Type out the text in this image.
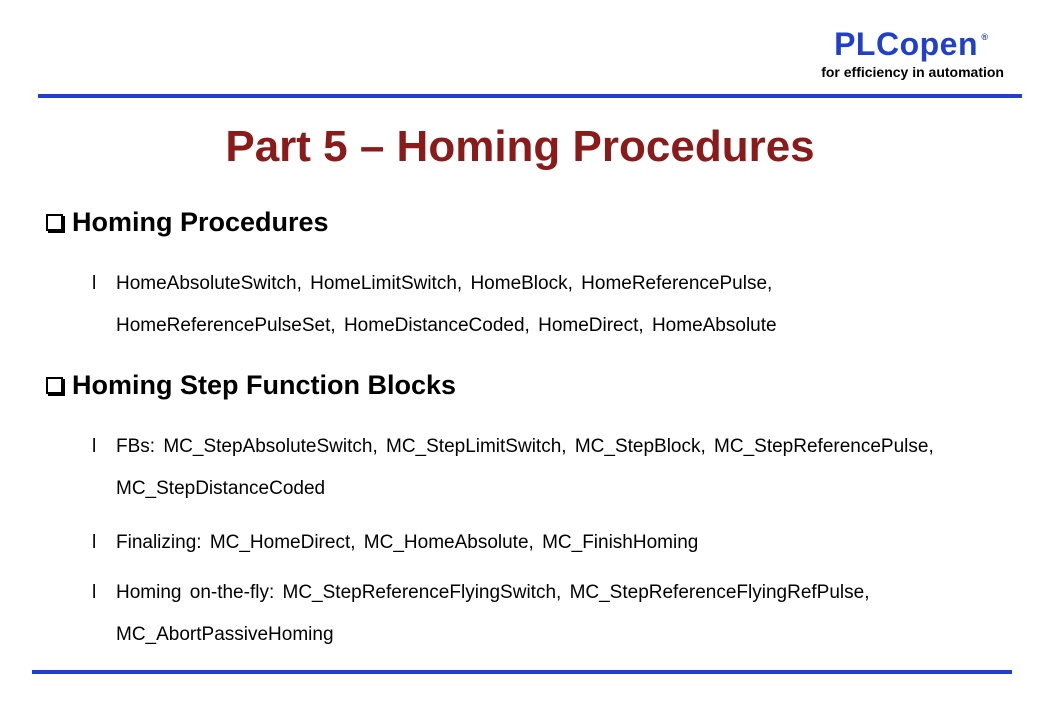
PLCopen ®
for efficiency in automation
Part 5 – Homing Procedures
Homing Procedures
l HomeAbsoluteSwitch, HomeLimitSwitch, HomeBlock, HomeReferencePulse, HomeReferencePulseSet, HomeDistanceCoded, HomeDirect, HomeAbsolute
Homing Step Function Blocks
l FBs: MC_StepAbsoluteSwitch, MC_StepLimitSwitch, MC_StepBlock, MC_StepReferencePulse, MC_StepDistanceCoded
l Finalizing: MC_HomeDirect, MC_HomeAbsolute, MC_FinishHoming
l Homing on-the-fly: MC_StepReferenceFlyingSwitch, MC_StepReferenceFlyingRefPulse, MC_AbortPassiveHoming
